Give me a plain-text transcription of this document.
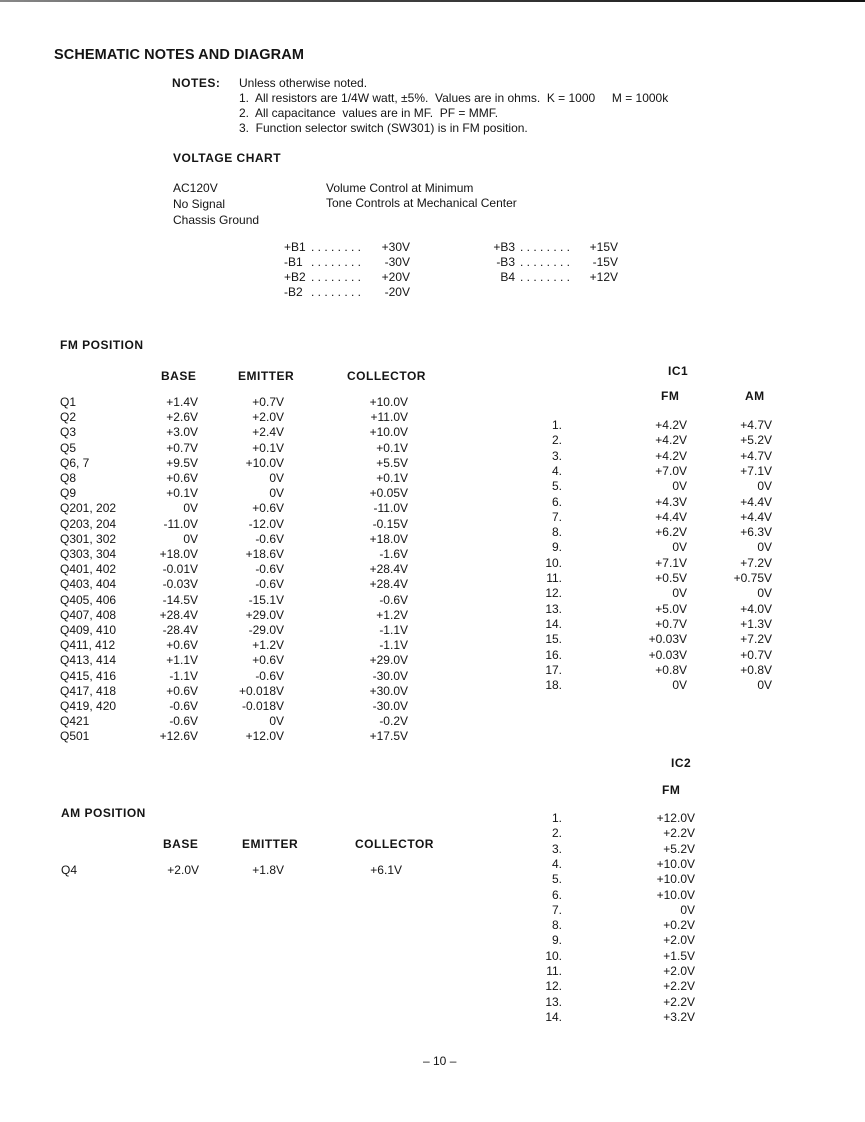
SCHEMATIC NOTES AND DIAGRAM
NOTES: Unless otherwise noted.
1.  All resistors are 1/4W watt, ±5%.  Values are in ohms.  K = 1000     M = 1000k
2.  All capacitance  values are in MF.  PF = MMF.
3.  Function selector switch (SW301) is in FM position.
VOLTAGE CHART
AC120V
No Signal
Chassis Ground
Volume Control at Minimum
Tone Controls at Mechanical Center
+B1 . . . . . . . .	+30V
-B1 . . . . . . . .	-30V
+B2 . . . . . . . .	+20V
-B2 . . . . . . . .	-20V
+B3 . . . . . . . .	+15V
-B3 . . . . . . . .	-15V
B4 . . . . . . . .	+12V
FM POSITION
BASE	EMITTER	COLLECTOR
Q1	+1.4V	+0.7V	+10.0V
Q2	+2.6V	+2.0V	+11.0V
Q3	+3.0V	+2.4V	+10.0V
Q5	+0.7V	+0.1V	+0.1V
Q6, 7	+9.5V	+10.0V	+5.5V
Q8	+0.6V	0V	+0.1V
Q9	+0.1V	0V	+0.05V
Q201, 202	0V	+0.6V	-11.0V
Q203, 204	-11.0V	-12.0V	-0.15V
Q301, 302	0V	-0.6V	+18.0V
Q303, 304	+18.0V	+18.6V	-1.6V
Q401, 402	-0.01V	-0.6V	+28.4V
Q403, 404	-0.03V	-0.6V	+28.4V
Q405, 406	-14.5V	-15.1V	-0.6V
Q407, 408	+28.4V	+29.0V	+1.2V
Q409, 410	-28.4V	-29.0V	-1.1V
Q411, 412	+0.6V	+1.2V	-1.1V
Q413, 414	+1.1V	+0.6V	+29.0V
Q415, 416	-1.1V	-0.6V	-30.0V
Q417, 418	+0.6V	+0.018V	+30.0V
Q419, 420	-0.6V	-0.018V	-30.0V
Q421	-0.6V	0V	-0.2V
Q501	+12.6V	+12.0V	+17.5V
AM POSITION
BASE	EMITTER	COLLECTOR
Q4	+2.0V	+1.8V	+6.1V
IC1
FM	AM
1.	+4.2V	+4.7V
2.	+4.2V	+5.2V
3.	+4.2V	+4.7V
4.	+7.0V	+7.1V
5.	0V	0V
6.	+4.3V	+4.4V
7.	+4.4V	+4.4V
8.	+6.2V	+6.3V
9.	0V	0V
10.	+7.1V	+7.2V
11.	+0.5V	+0.75V
12.	0V	0V
13.	+5.0V	+4.0V
14.	+0.7V	+1.3V
15.	+0.03V	+7.2V
16.	+0.03V	+0.7V
17.	+0.8V	+0.8V
18.	0V	0V
IC2
FM
1.	+12.0V
2.	+2.2V
3.	+5.2V
4.	+10.0V
5.	+10.0V
6.	+10.0V
7.	0V
8.	+0.2V
9.	+2.0V
10.	+1.5V
11.	+2.0V
12.	+2.2V
13.	+2.2V
14.	+3.2V
– 10 –
